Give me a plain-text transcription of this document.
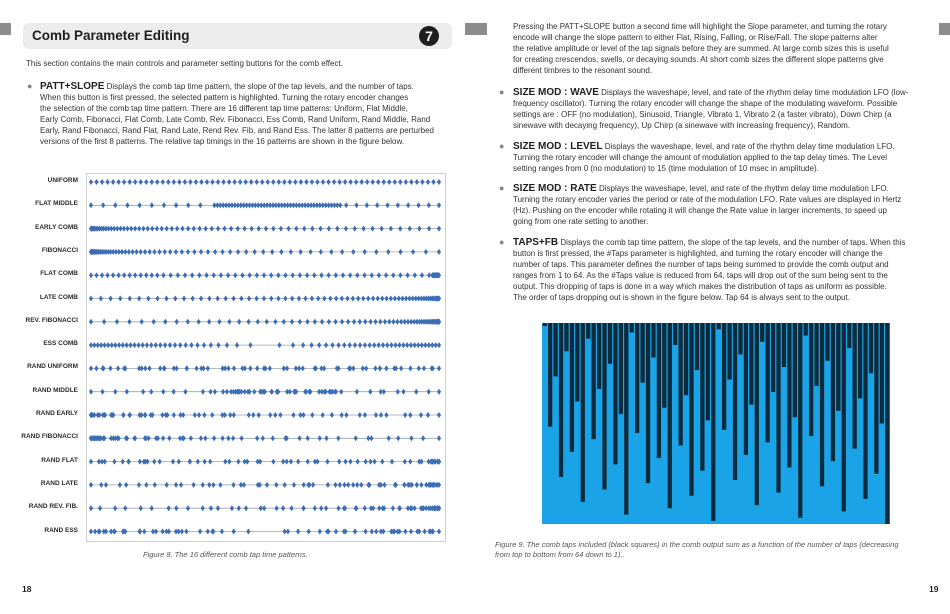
Comb Parameter Editing	7
This section contains the main controls and parameter setting buttons for the comb effect.
● PATT+SLOPE Displays the comb tap time pattern, the slope of the tap levels, and the number of taps.
When this button is first pressed, the selected pattern is highlighted. Turning the rotary encoder changes
the selection of the comb tap time pattern. There are 16 different tap time patterns: Uniform, Flat Middle,
Early Comb, Fibonacci, Flat Comb, Late Comb, Rev. Fibonacci, Ess Comb, Rand Uniform, Rand Middle, Rand
Early, Rand Fibonacci, Rand Flat, Rand Late, Rend Rev. Fib, and Rand Ess. The latter 8 patterns are perturbed
versions of the first 8 patterns. The relative tap timings in the 16 patterns are shown in the figure below.
Figure 8. The 16 different comb tap time patterns.
18
Pressing the PATT+SLOPE button a second time will highlight the Slope parameter, and turning the rotary
encode will change the slope pattern to either Flat, Rising, Falling, or Rise/Fall. The slope patterns alter
the relative amplitude or level of the tap signals before they are summed. At large comb sizes this is useful
for creating crescendos, swells, or decaying sounds. At short comb sizes the different slope patterns give
different timbres to the resonant sound.
● SIZE MOD : WAVE Displays the waveshape, level, and rate of the rhythm delay time modulation LFO (low-
frequency oscillator). Turning the rotary encoder will change the shape of the modulating waveform. Possible
settings are : OFF (no modulation), Sinusoid, Triangle, Vibrato 1, Vibrato 2 (a faster vibrato), Down Chirp (a
sinewave with decaying frequency), Up Chirp (a sinewave with increasing frequency), Random.
● SIZE MOD : LEVEL Displays the waveshape, level, and rate of the rhythm delay time modulation LFO.
Turning the rotary encoder will change the amount of modulation applied to the tap delay times. The Level
setting ranges from 0 (no modulation) to 15 (time modulation of 10 msec in amplitude).
● SIZE MOD : RATE Displays the waveshape, level, and rate of the rhythm delay time modulation LFO.
Turning the rotary encoder varies the period or rate of the modulation LFO. Rate values are displayed in Hertz
(Hz). Pushing on the encoder while rotating it will change the Rate value in larger increments, to speed up
going from one rate setting to another.
● TAPS+FB Displays the comb tap time pattern, the slope of the tap levels, and the number of taps. When this
button is first pressed, the #Taps parameter is highlighted, and turning the rotary encoder will change the
number of taps. This parameter defines the number of taps being summed to provide the comb output and
ranges from 1 to 64. As the #Taps value is reduced from 64, taps will drop out of the sum being sent to the
output. This dropping of taps is done in a way which makes the distribution of taps as uniform as possible.
The order of taps dropping out is shown in the figure below. Tap 64 is always sent to the output.
Figure 9. The comb taps included (black squares) in the comb output sum as a function of the number of taps (decreasing
from top to bottom from 64 down to 1)..
19
UNIFORM
FLAT MIDDLE
EARLY COMB
FIBONACCI
FLAT COMB
LATE COMB
REV. FIBONACCI
ESS COMB
RAND UNIFORM
RAND MIDDLE
RAND EARLY
RAND FIBONACCI
RAND FLAT
RAND LATE
RAND REV. FIB.
RAND ESS
